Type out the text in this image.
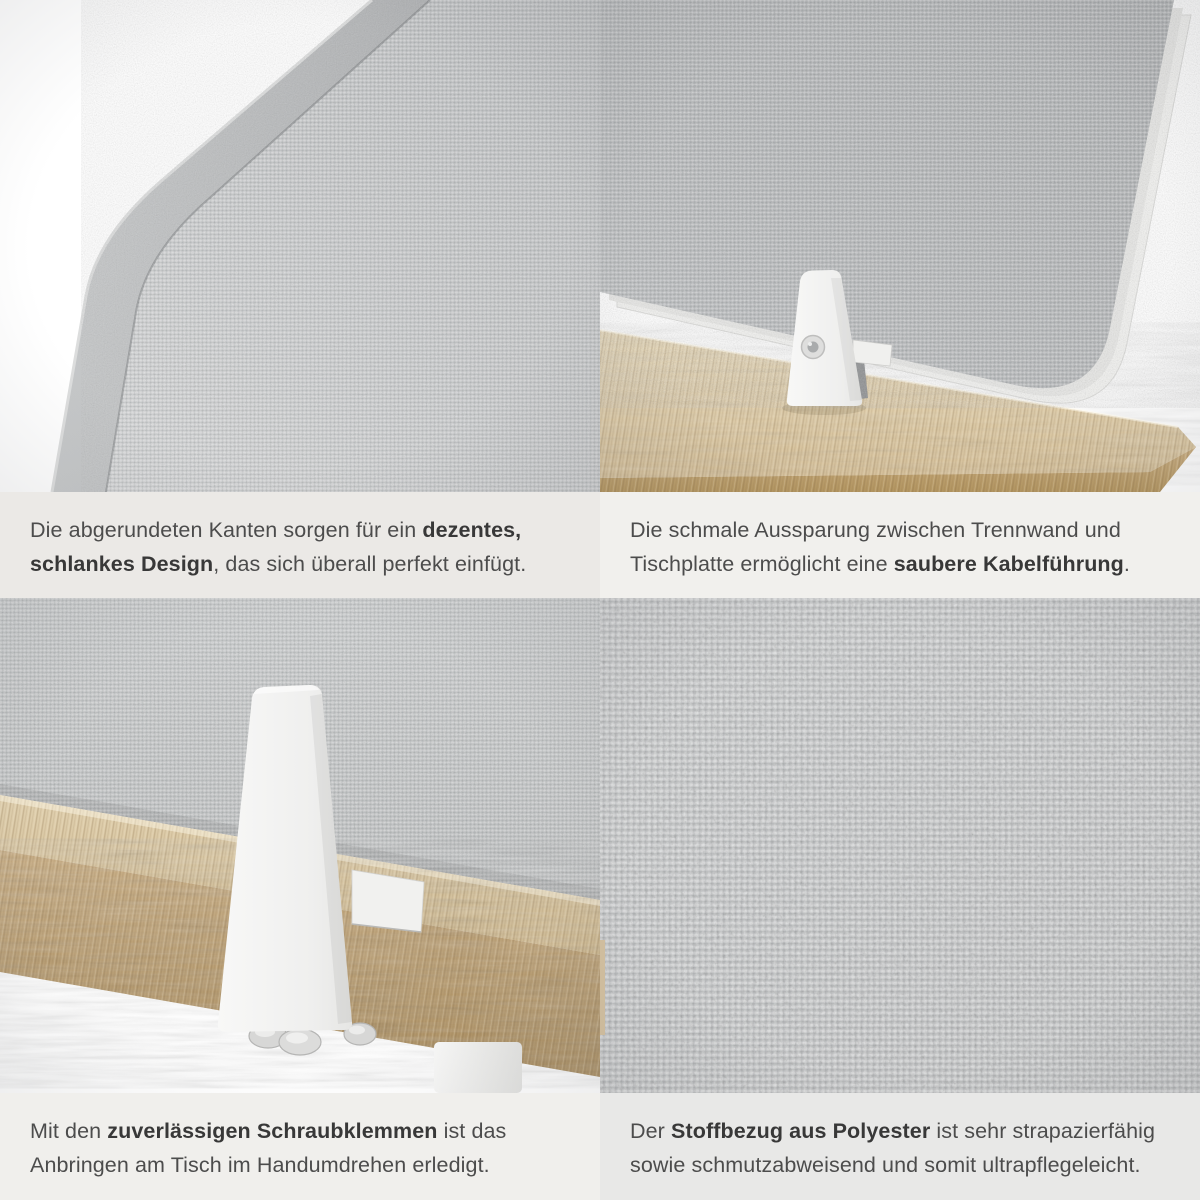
Die abgerundeten Kanten sorgen für ein dezentes,

schlankes Design, das sich überall perfekt einfügt.

Die schmale Aussparung zwischen Trennwand und

Tischplatte ermöglicht eine saubere Kabelführung.

Mit den zuverlässigen Schraubklemmen ist das

Anbringen am Tisch im Handumdrehen erledigt.

Der Stoffbezug aus Polyester ist sehr strapazierfähig

sowie schmutzabweisend und somit ultrapflegeleicht.
